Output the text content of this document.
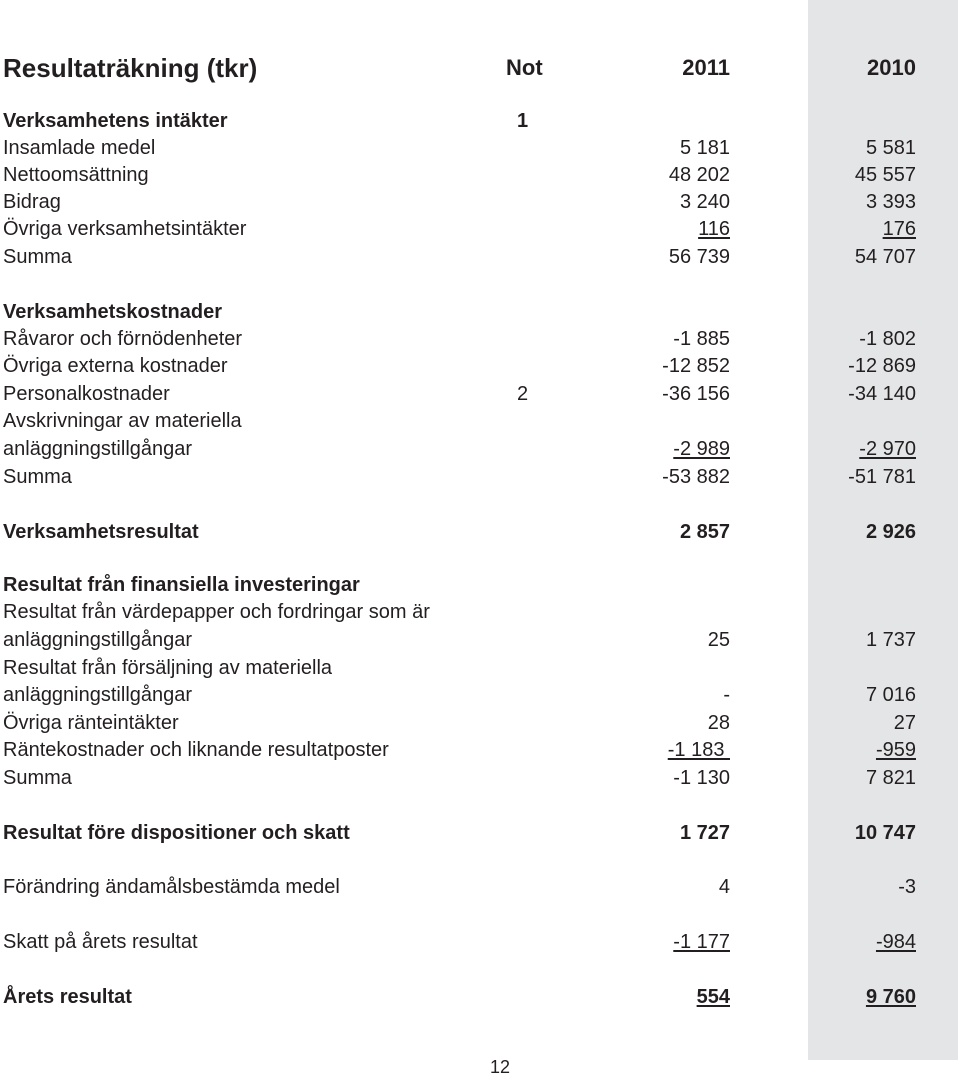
Resultaträkning (tkr)	Not	2011	2010
Verksamhetens intäkter	1
Insamlade medel	5 181	5 581
Nettoomsättning	48 202	45 557
Bidrag	3 240	3 393
Övriga verksamhetsintäkter	116	176
Summa	56 739	54 707
Verksamhetskostnader
Råvaror och förnödenheter	-1 885	-1 802
Övriga externa kostnader	-12 852	-12 869
Personalkostnader	2	-36 156	-34 140
Avskrivningar av materiella
anläggningstillgångar	-2 989	-2 970
Summa	-53 882	-51 781
Verksamhetsresultat	2 857	2 926
Resultat från finansiella investeringar
Resultat från värdepapper och fordringar som är
anläggningstillgångar	25	1 737
Resultat från försäljning av materiella
anläggningstillgångar	-	7 016
Övriga ränteintäkter	28	27
Räntekostnader och liknande resultatposter	-1 183	-959
Summa	-1 130	7 821
Resultat före dispositioner och skatt	1 727	10 747
Förändring ändamålsbestämda medel	4	-3
Skatt på årets resultat	-1 177	-984
Årets resultat	554	9 760
12
